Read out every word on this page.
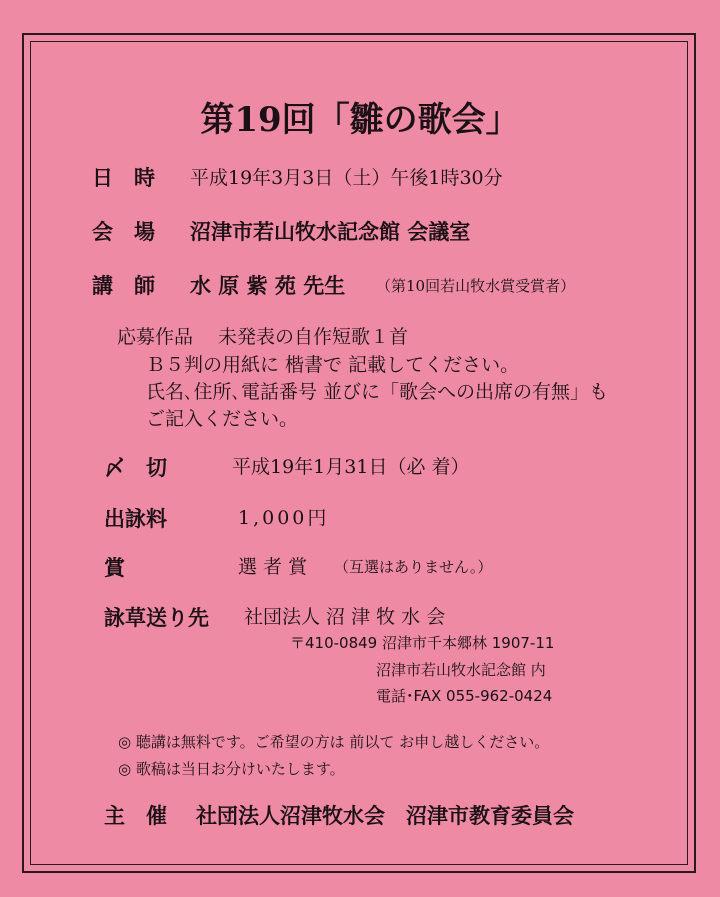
第19回「雛の歌会」
日　時 平成19年3月3日（土）午後1時30分
会　場 沼津市若山牧水記念館 会議室
講　師 水 原 紫 苑 先生 （第10回若山牧水賞受賞者）
応募作品 未発表の自作短歌１首
Ｂ５判の用紙に 楷書で 記載してください。
氏名､住所､電話番号 並びに「歌会への出席の有無」も
ご記入ください。
〆　切	平成19年1月31日（必 着）
出詠料	1,000円
賞	選 者 賞 （互選はありません。）
詠草送り先 社団法人 沼 津 牧 水 会
〒410-0849 沼津市千本郷林 1907-11
沼津市若山牧水記念館 内
電話･FAX 055-962-0424
◎ 聴講は無料です。ご希望の方は 前以て お申し越しください。
◎ 歌稿は当日お分けいたします。
主　催 社団法人沼津牧水会　沼津市教育委員会
